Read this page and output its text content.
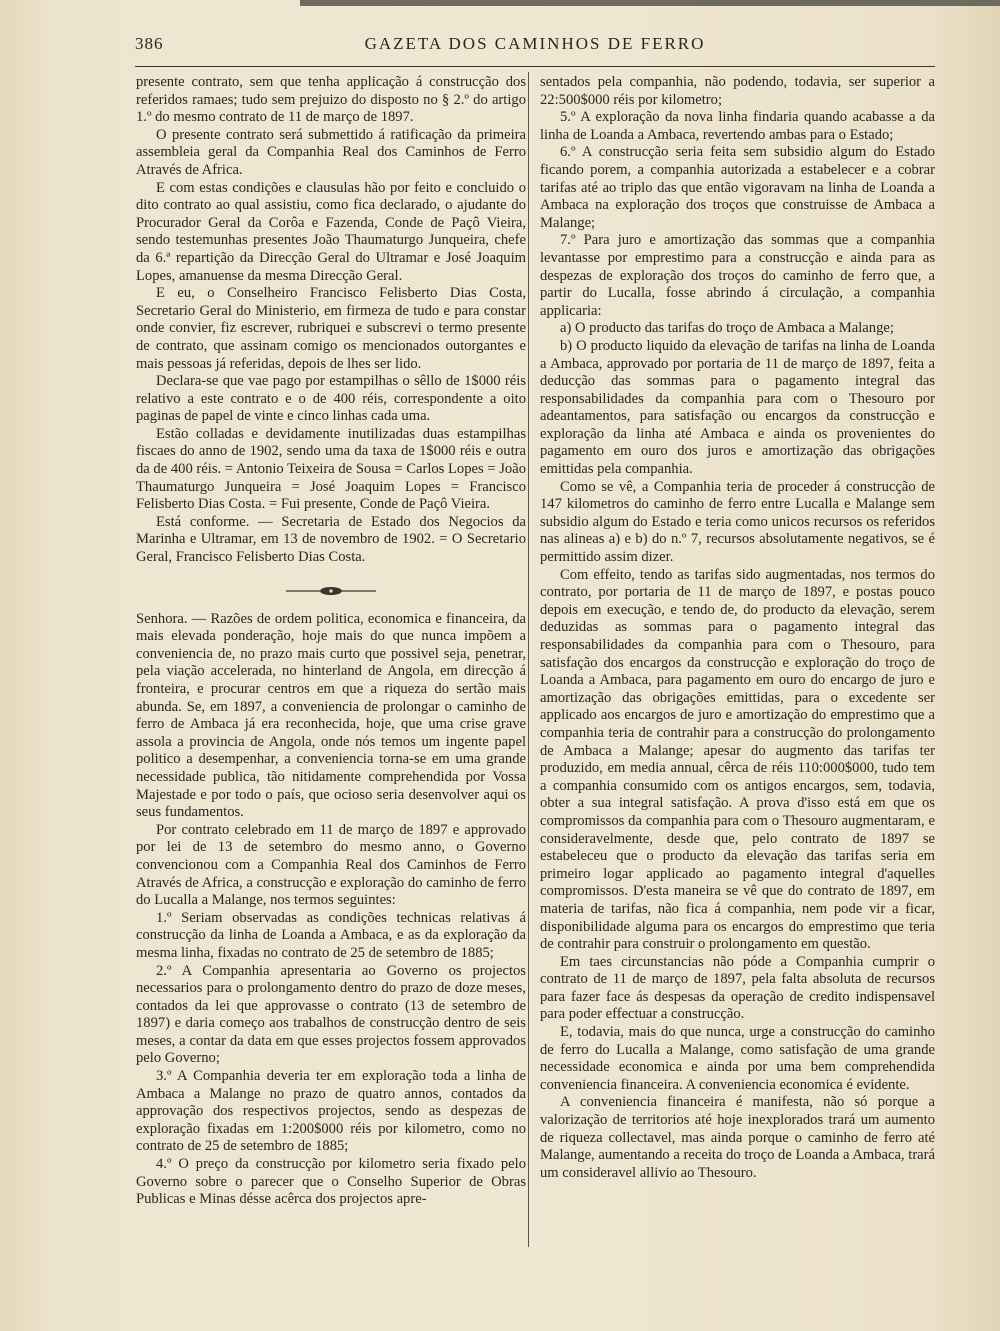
386	GAZETA DOS CAMINHOS DE FERRO

presente contrato, sem que tenha applicação á construcção dos referidos ramaes; tudo sem prejuizo do disposto no § 2.º do artigo 1.º do mesmo contrato de 11 de março de 1897.

O presente contrato será submettido á ratificação da primeira assembleia geral da Companhia Real dos Caminhos de Ferro Através de Africa.

E com estas condições e clausulas hão por feito e concluido o dito contrato ao qual assistiu, como fica declarado, o ajudante do Procurador Geral da Corôa e Fazenda, Conde de Paçô Vieira, sendo testemunhas presentes João Thaumaturgo Junqueira, chefe da 6.ª repartição da Direcção Geral do Ultramar e José Joaquim Lopes, amanuense da mesma Direcção Geral.

E eu, o Conselheiro Francisco Felisberto Dias Costa, Secretario Geral do Ministerio, em firmeza de tudo e para constar onde convier, fiz escrever, rubriquei e subscrevi o termo presente de contrato, que assinam comigo os mencionados outorgantes e mais pessoas já referidas, depois de lhes ser lido.

Declara-se que vae pago por estampilhas o sêllo de 1$000 réis relativo a este contrato e o de 400 réis, correspondente a oito paginas de papel de vinte e cinco linhas cada uma.

Estão colladas e devidamente inutilizadas duas estampilhas fiscaes do anno de 1902, sendo uma da taxa de 1$000 réis e outra da de 400 réis. = Antonio Teixeira de Sousa = Carlos Lopes = João Thaumaturgo Junqueira = José Joaquim Lopes = Francisco Felisberto Dias Costa. = Fui presente, Conde de Paçô Vieira.

Está conforme. — Secretaria de Estado dos Negocios da Marinha e Ultramar, em 13 de novembro de 1902. = O Secretario Geral, Francisco Felisberto Dias Costa.

Senhora. — Razões de ordem politica, economica e financeira, da mais elevada ponderação, hoje mais do que nunca impõem a conveniencia de, no prazo mais curto que possivel seja, penetrar, pela viação accelerada, no hinterland de Angola, em direcção á fronteira, e procurar centros em que a riqueza do sertão mais abunda. Se, em 1897, a conveniencia de prolongar o caminho de ferro de Ambaca já era reconhecida, hoje, que uma crise grave assola a provincia de Angola, onde nós temos um ingente papel politico a desempenhar, a conveniencia torna-se em uma grande necessidade publica, tão nitidamente comprehendida por Vossa Majestade e por todo o país, que ocioso seria desenvolver aqui os seus fundamentos.

Por contrato celebrado em 11 de março de 1897 e approvado por lei de 13 de setembro do mesmo anno, o Governo convencionou com a Companhia Real dos Caminhos de Ferro Através de Africa, a construcção e exploração do caminho de ferro do Lucalla a Malange, nos termos seguintes:

1.º Seriam observadas as condições technicas relativas á construcção da linha de Loanda a Ambaca, e as da exploração da mesma linha, fixadas no contrato de 25 de setembro de 1885;

2.º A Companhia apresentaria ao Governo os projectos necessarios para o prolongamento dentro do prazo de doze meses, contados da lei que approvasse o contrato (13 de setembro de 1897) e daria começo aos trabalhos de construcção dentro de seis meses, a contar da data em que esses projectos fossem approvados pelo Governo;

3.º A Companhia deveria ter em exploração toda a linha de Ambaca a Malange no prazo de quatro annos, contados da approvação dos respectivos projectos, sendo as despezas de exploração fixadas em 1:200$000 réis por kilometro, como no contrato de 25 de setembro de 1885;

4.º O preço da construcção por kilometro seria fixado pelo Governo sobre o parecer que o Conselho Superior de Obras Publicas e Minas désse acêrca dos projectos apre-

sentados pela companhia, não podendo, todavia, ser superior a 22:500$000 réis por kilometro;

5.º A exploração da nova linha findaria quando acabasse a da linha de Loanda a Ambaca, revertendo ambas para o Estado;

6.º A construcção seria feita sem subsidio algum do Estado ficando porem, a companhia autorizada a estabelecer e a cobrar tarifas até ao triplo das que então vigoravam na linha de Loanda a Ambaca na exploração dos troços que construisse de Ambaca a Malange;

7.º Para juro e amortização das sommas que a companhia levantasse por emprestimo para a construcção e ainda para as despezas de exploração dos troços do caminho de ferro que, a partir do Lucalla, fosse abrindo á circulação, a companhia applicaria:

a) O producto das tarifas do troço de Ambaca a Malange;

b) O producto liquido da elevação de tarifas na linha de Loanda a Ambaca, approvado por portaria de 11 de março de 1897, feita a deducção das sommas para o pagamento integral das responsabilidades da companhia para com o Thesouro por adeantamentos, para satisfação ou encargos da construcção e exploração da linha até Ambaca e ainda os provenientes do pagamento em ouro dos juros e amortização das obrigações emittidas pela companhia.

Como se vê, a Companhia teria de proceder á construcção de 147 kilometros do caminho de ferro entre Lucalla e Malange sem subsidio algum do Estado e teria como unicos recursos os referidos nas alineas a) e b) do n.º 7, recursos absolutamente negativos, se é permittido assim dizer.

Com effeito, tendo as tarifas sido augmentadas, nos termos do contrato, por portaria de 11 de março de 1897, e postas pouco depois em execução, e tendo de, do producto da elevação, serem deduzidas as sommas para o pagamento integral das responsabilidades da companhia para com o Thesouro, para satisfação dos encargos da construcção e exploração do troço de Loanda a Ambaca, para pagamento em ouro do encargo de juro e amortização das obrigações emittidas, para o excedente ser applicado aos encargos de juro e amortização do emprestimo que a companhia teria de contrahir para a construcção do prolongamento de Ambaca a Malange; apesar do augmento das tarifas ter produzido, em media annual, cêrca de réis 110:000$000, tudo tem a companhia consumido com os antigos encargos, sem, todavia, obter a sua integral satisfação. A prova d'isso está em que os compromissos da companhia para com o Thesouro augmentaram, e consideravelmente, desde que, pelo contrato de 1897 se estabeleceu que o producto da elevação das tarifas seria em primeiro logar applicado ao pagamento integral d'aquelles compromissos. D'esta maneira se vê que do contrato de 1897, em materia de tarifas, não fica á companhia, nem pode vir a ficar, disponibilidade alguma para os encargos do emprestimo que teria de contrahir para construir o prolongamento em questão.

Em taes circunstancias não póde a Companhia cumprir o contrato de 11 de março de 1897, pela falta absoluta de recursos para fazer face ás despesas da operação de credito indispensavel para poder effectuar a construcção.

E, todavia, mais do que nunca, urge a construcção do caminho de ferro do Lucalla a Malange, como satisfação de uma grande necessidade economica e ainda por uma bem comprehendida conveniencia financeira. A conveniencia economica é evidente.

A conveniencia financeira é manifesta, não só porque a valorização de territorios até hoje inexplorados trará um aumento de riqueza collectavel, mas ainda porque o caminho de ferro até Malange, aumentando a receita do troço de Loanda a Ambaca, trará um consideravel allivio ao Thesouro.
